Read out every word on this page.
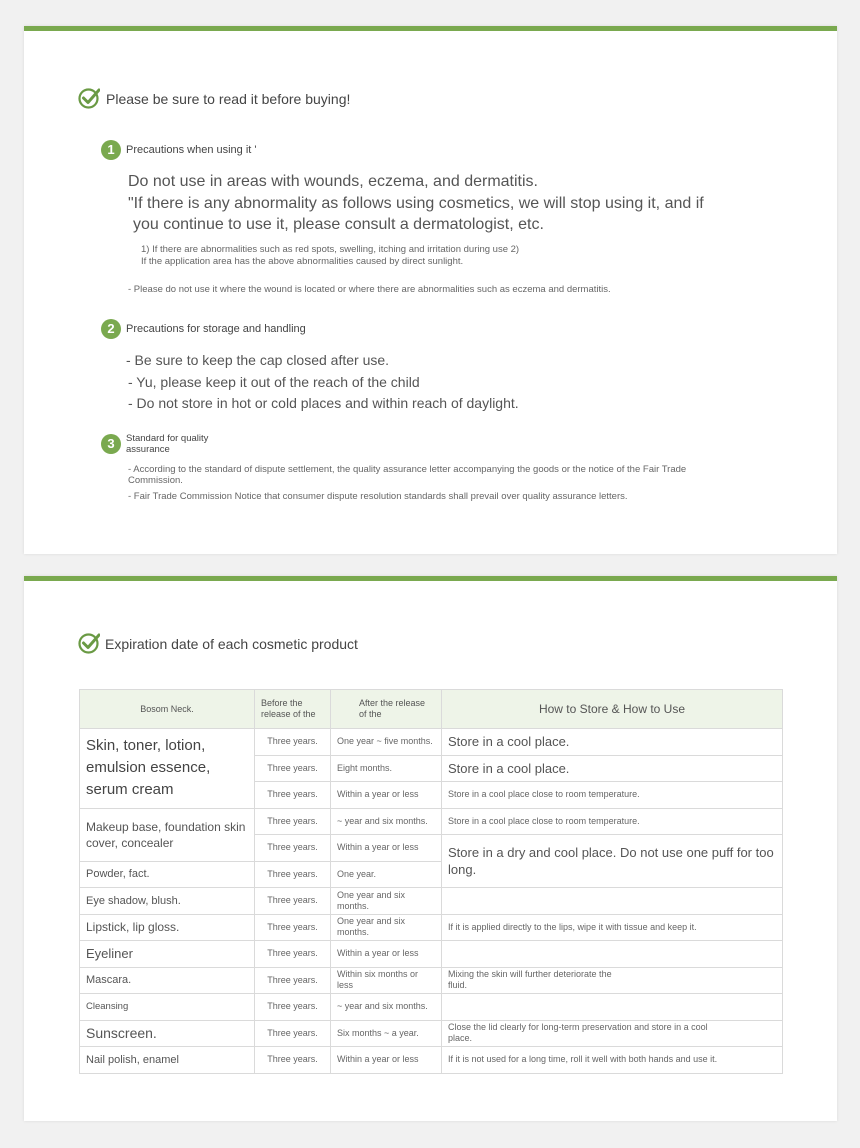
Please be sure to read it before buying!
1	Precautions when using it '
Do not use in areas with wounds, eczema, and dermatitis.
"If there is any abnormality as follows using cosmetics, we will stop using it, and if
you continue to use it, please consult a dermatologist, etc.
1) If there are abnormalities such as red spots, swelling, itching and irritation during use 2)
If the application area has the above abnormalities caused by direct sunlight.
- Please do not use it where the wound is located or where there are abnormalities such as eczema and dermatitis.
2	Precautions for storage and handling
- Be sure to keep the cap closed after use.
- Yu, please keep it out of the reach of the child
- Do not store in hot or cold places and within reach of daylight.
3	Standard for quality
assurance
- According to the standard of dispute settlement, the quality assurance letter accompanying the goods or the notice of the Fair Trade Commission.
- Fair Trade Commission Notice that consumer dispute resolution standards shall prevail over quality assurance letters.
Expiration date of each cosmetic product
Bosom Neck.	Before the release of the	After the release of the	How to Store & How to Use
Skin, toner, lotion, emulsion essence, serum cream	Three years.	One year ~ five months.	Store in a cool place.
	Three years.	Eight months.	Store in a cool place.
	Three years.	Within a year or less	Store in a cool place close to room temperature.
Makeup base, foundation skin cover, concealer	Three years.	~ year and six months.	Store in a cool place close to room temperature.
	Three years.	Within a year or less	Store in a dry and cool place. Do not use one puff for too long.
Powder, fact.	Three years.	One year.	
Eye shadow, blush.	Three years.	One year and six months.	
Lipstick, lip gloss.	Three years.	One year and six months.	If it is applied directly to the lips, wipe it with tissue and keep it.
Eyeliner	Three years.	Within a year or less	
Mascara.	Three years.	Within six months or less	Mixing the skin will further deteriorate the fluid.
Cleansing	Three years.	~ year and six months.	
Sunscreen.	Three years.	Six months ~ a year.	Close the lid clearly for long-term preservation and store in a cool place.
Nail polish, enamel	Three years.	Within a year or less	If it is not used for a long time, roll it well with both hands and use it.
